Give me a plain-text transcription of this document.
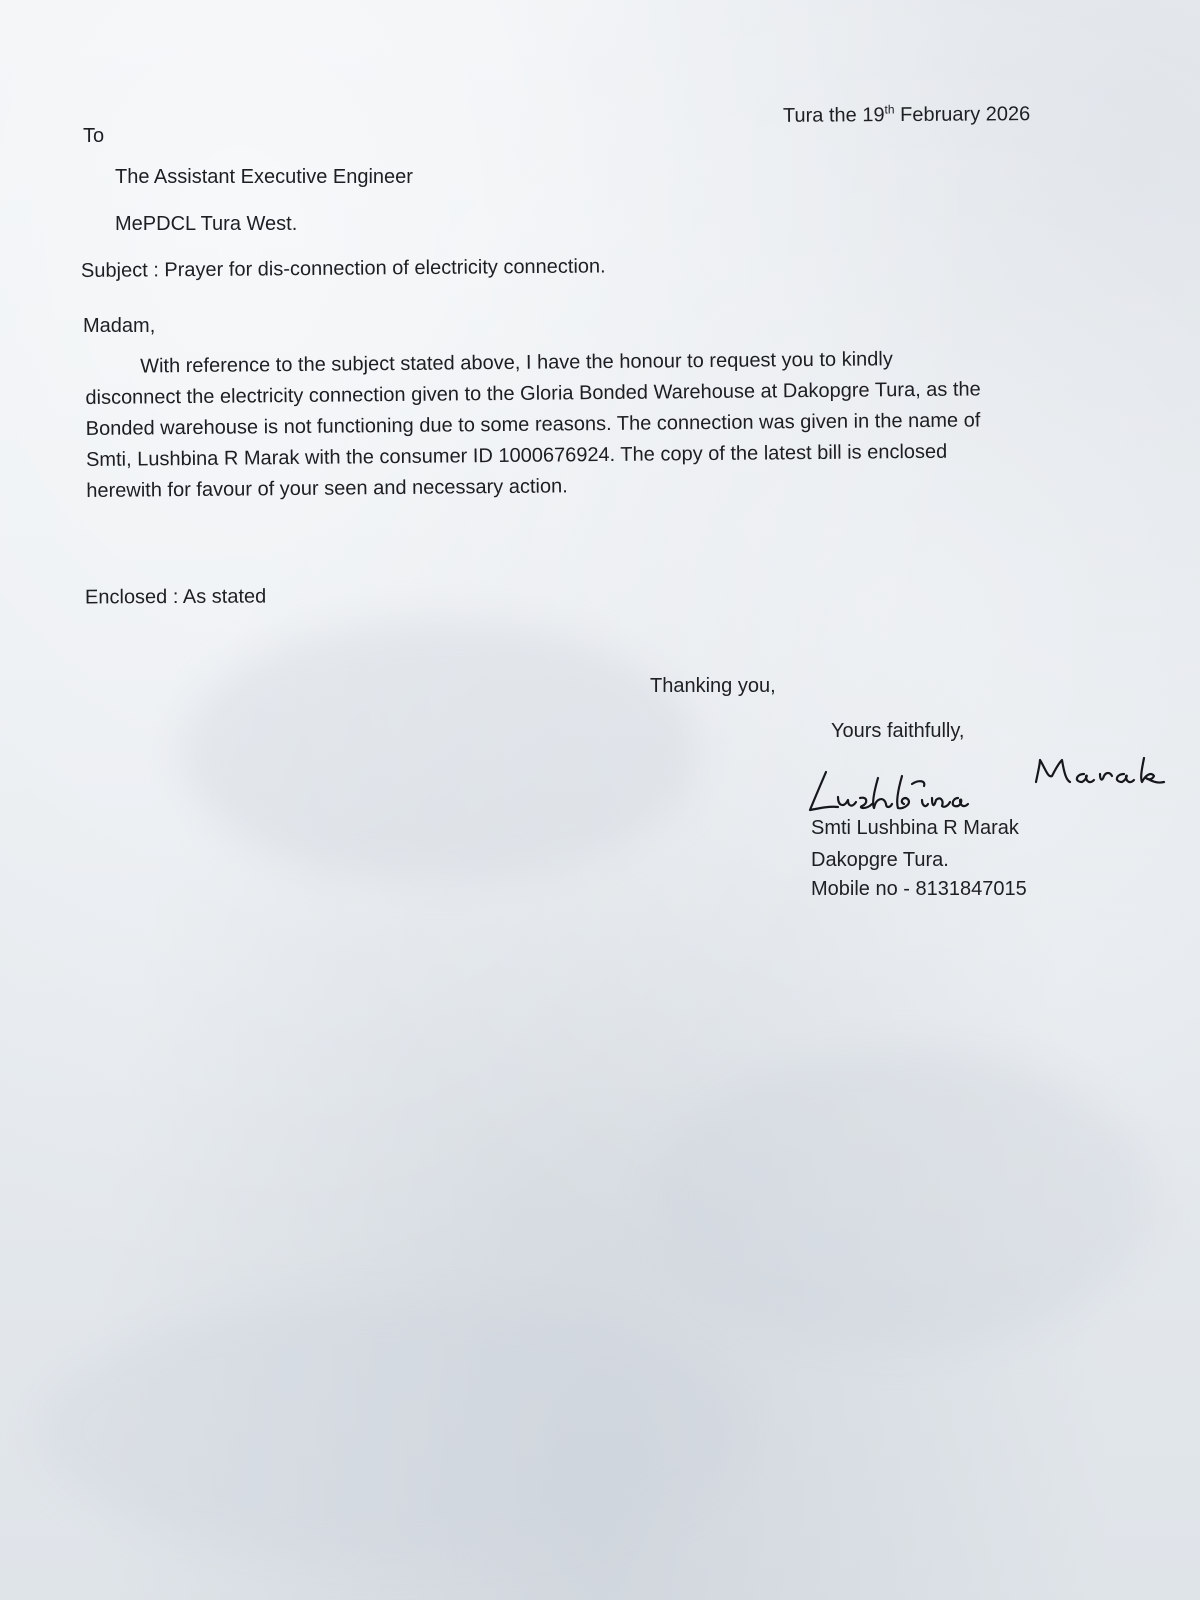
Tura the 19th February 2026
To
The Assistant Executive Engineer
MePDCL Tura West.
Subject : Prayer for dis-connection of electricity connection.
Madam,
With reference to the subject stated above, I have the honour to request you to kindly
disconnect the electricity connection given to the Gloria Bonded Warehouse at Dakopgre Tura, as the
Bonded warehouse is not functioning due to some reasons. The connection was given in the name of
Smti, Lushbina R Marak with the consumer ID 1000676924. The copy of the latest bill is enclosed
herewith for favour of your seen and necessary action.
Enclosed : As stated
Thanking you,
Yours faithfully,
Smti Lushbina R Marak
Dakopgre Tura.
Mobile no - 8131847015
